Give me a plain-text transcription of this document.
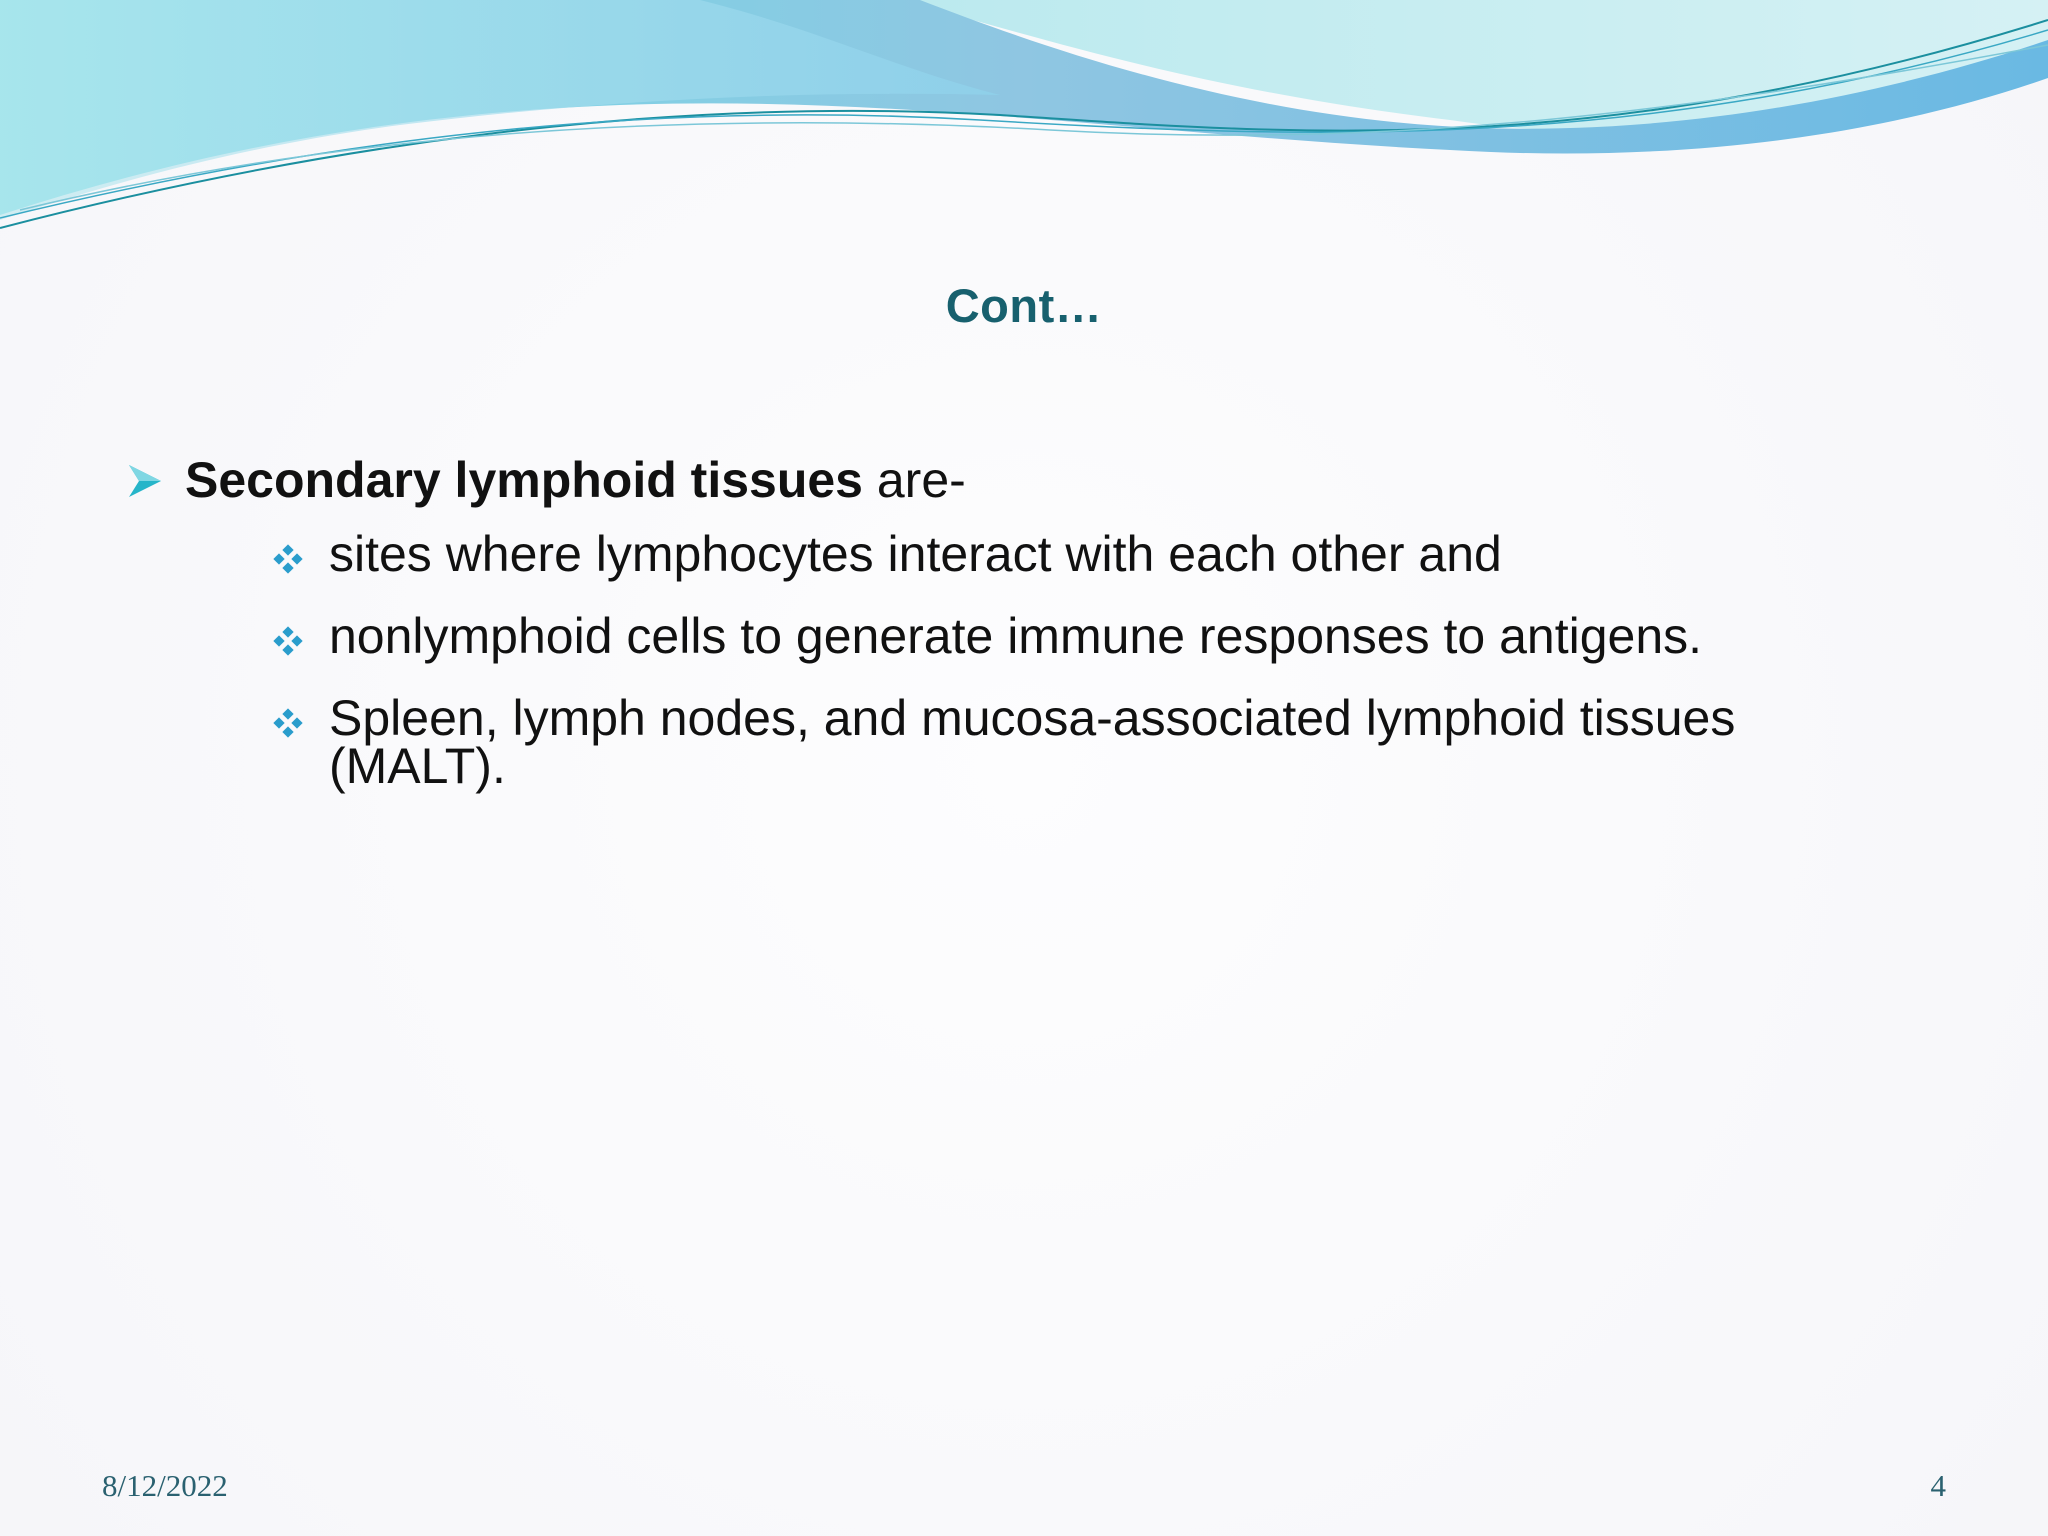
Cont…
Secondary lymphoid tissues are-
sites where lymphocytes interact with each other and
nonlymphoid cells to generate immune responses to antigens.
Spleen, lymph nodes, and mucosa-associated lymphoid tissues (MALT).
8/12/2022	4
